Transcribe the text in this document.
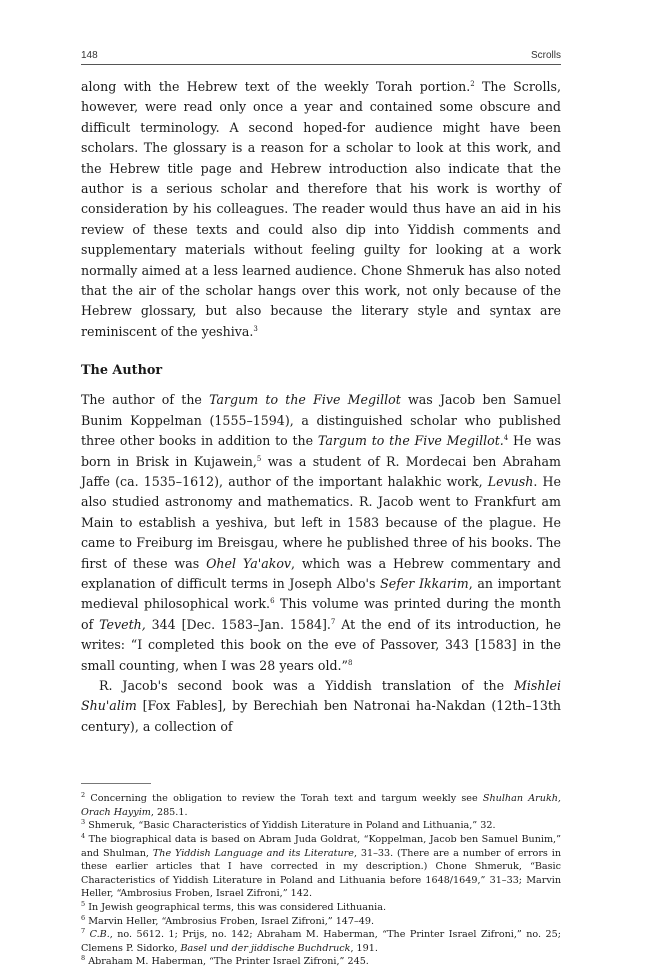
148	Scrolls

along with the Hebrew text of the weekly Torah portion.$^2$ The Scrolls, however, were read only once a year and contained some obscure and difficult terminology. A second hoped-for audience might have been scholars. The glossary is a reason for a scholar to look at this work, and the Hebrew title page and Hebrew introduction also indicate that the author is a serious scholar and therefore that his work is worthy of consideration by his colleagues. The reader would thus have an aid in his review of these texts and could also dip into Yiddish comments and supplementary materials without feeling guilty for looking at a work normally aimed at a less learned audience. Chone Shmeruk has also noted that the air of the scholar hangs over this work, not only because of the Hebrew glossary, but also because the literary style and syntax are reminiscent of the yeshiva.$^3$

The Author

The author of the Targum to the Five Megillot was Jacob ben Samuel Bunim Koppelman (1555–1594), a distinguished scholar who published three other books in addition to the Targum to the Five Megillot.$^4$ He was born in Brisk in Kujawein,$^5$ was a student of R. Mordecai ben Abraham Jaffe (ca. 1535–1612), author of the important halakhic work, Levush. He also studied astronomy and mathematics. R. Jacob went to Frankfurt am Main to establish a yeshiva, but left in 1583 because of the plague. He came to Freiburg im Breisgau, where he published three of his books. The first of these was Ohel Ya'akov, which was a Hebrew commentary and explanation of difficult terms in Joseph Albo's Sefer Ikkarim, an important medieval philosophical work.$^6$ This volume was printed during the month of Teveth, 344 [Dec. 1583–Jan. 1584].$^7$ At the end of its introduction, he writes: “I completed this book on the eve of Passover, 343 [1583] in the small counting, when I was 28 years old.”$^8$

R. Jacob's second book was a Yiddish translation of the Mishlei Shu'alim [Fox Fables], by Berechiah ben Natronai ha-Nakdan (12th–13th century), a collection of

$^2$ Concerning the obligation to review the Torah text and targum weekly see Shulhan Arukh, Orach Hayyim, 285.1.

$^3$ Shmeruk, “Basic Characteristics of Yiddish Literature in Poland and Lithuania,” 32.

$^4$ The biographical data is based on Abram Juda Goldrat, “Koppelman, Jacob ben Samuel Bunim,” and Shulman, The Yiddish Language and its Literature, 31–33. (There are a number of errors in these earlier articles that I have corrected in my description.) Chone Shmeruk, “Basic Characteristics of Yiddish Literature in Poland and Lithuania before 1648/1649,” 31–33; Marvin Heller, “Ambrosius Froben, Israel Zifroni,” 142.

$^5$ In Jewish geographical terms, this was considered Lithuania.

$^6$ Marvin Heller, “Ambrosius Froben, Israel Zifroni,” 147–49.

$^7$ C.B., no. 5612. 1; Prijs, no. 142; Abraham M. Haberman, “The Printer Israel Zifroni,” no. 25; Clemens P. Sidorko, Basel und der jiddische Buchdruck, 191.

$^8$ Abraham M. Haberman, “The Printer Israel Zifroni,” 245.
